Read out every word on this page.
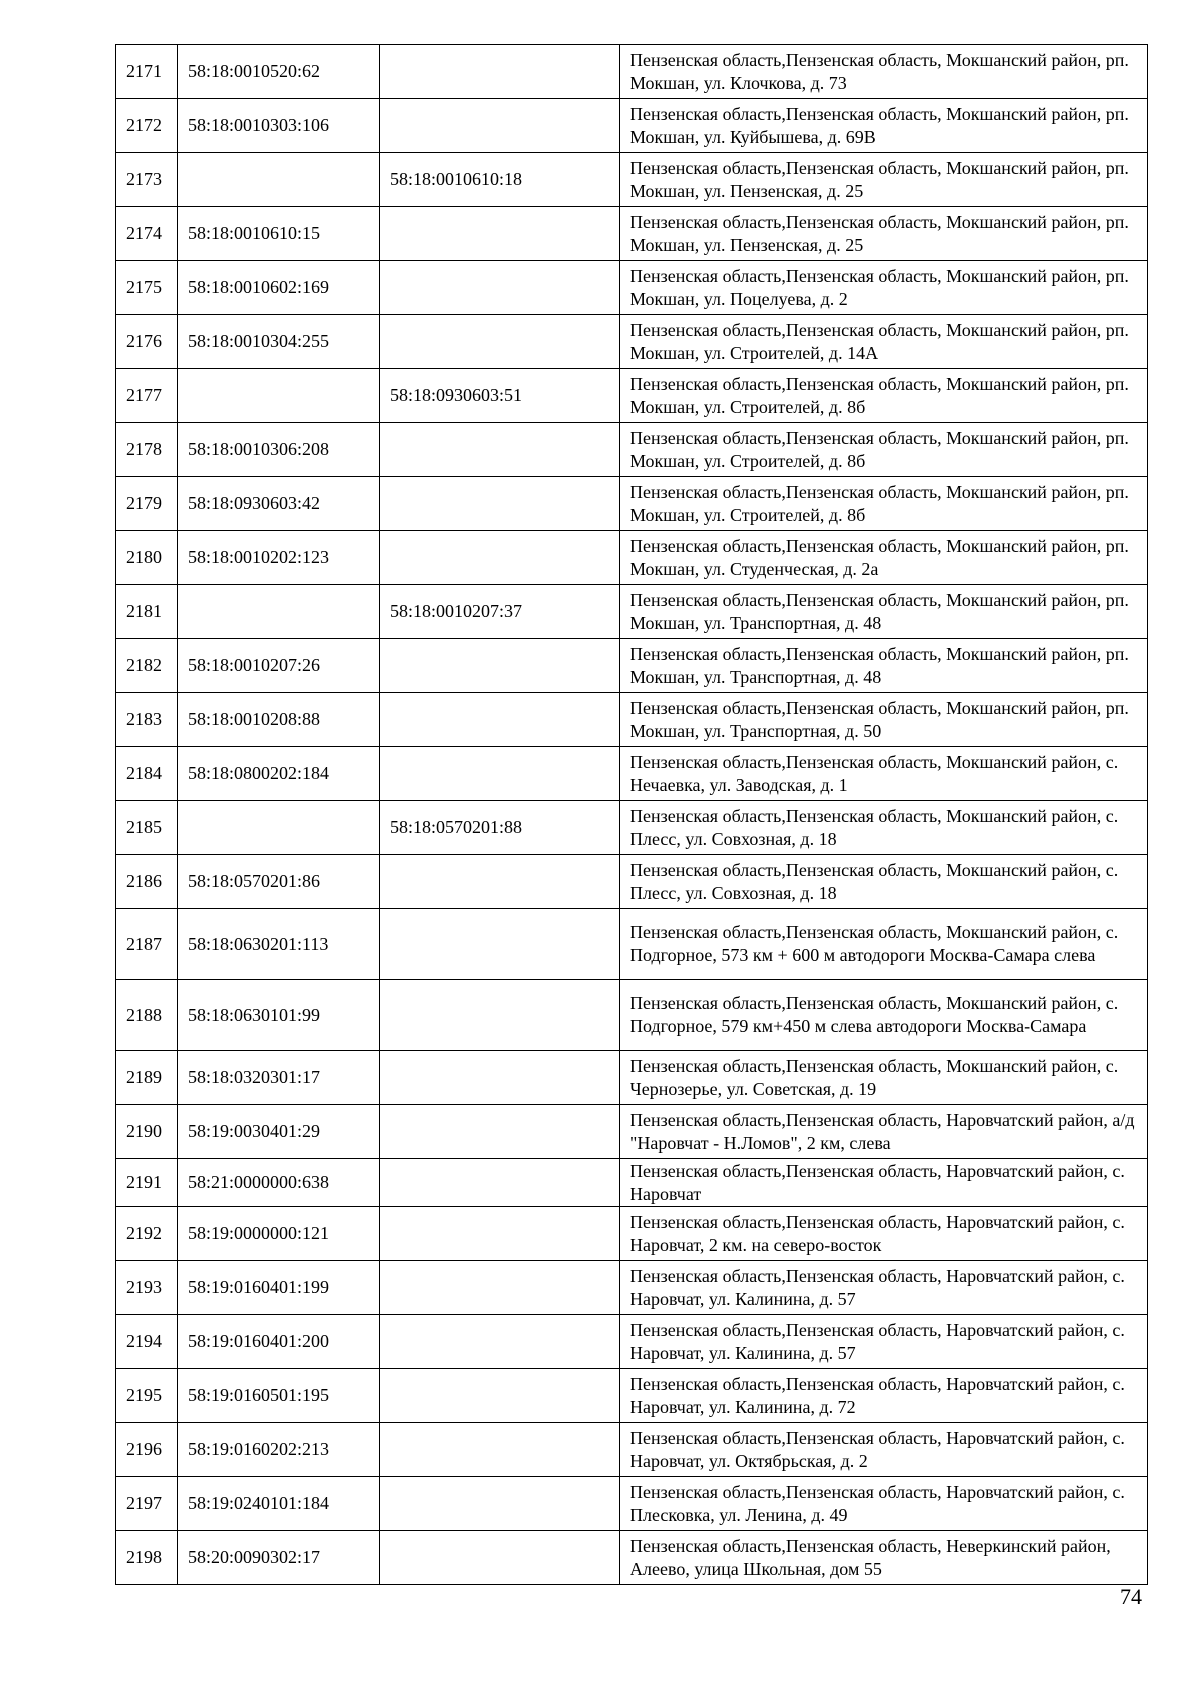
2171	58:18:0010520:62		Пензенская область,Пензенская область, Мокшанский район, рп. Мокшан, ул. Клочкова, д. 73
2172	58:18:0010303:106		Пензенская область,Пензенская область, Мокшанский район, рп. Мокшан, ул. Куйбышева, д. 69В
2173		58:18:0010610:18	Пензенская область,Пензенская область, Мокшанский район, рп. Мокшан, ул. Пензенская, д. 25
2174	58:18:0010610:15		Пензенская область,Пензенская область, Мокшанский район, рп. Мокшан, ул. Пензенская, д. 25
2175	58:18:0010602:169		Пензенская область,Пензенская область, Мокшанский район, рп. Мокшан, ул. Поцелуева, д. 2
2176	58:18:0010304:255		Пензенская область,Пензенская область, Мокшанский район, рп. Мокшан, ул. Строителей, д. 14А
2177		58:18:0930603:51	Пензенская область,Пензенская область, Мокшанский район, рп. Мокшан, ул. Строителей, д. 8б
2178	58:18:0010306:208		Пензенская область,Пензенская область, Мокшанский район, рп. Мокшан, ул. Строителей, д. 8б
2179	58:18:0930603:42		Пензенская область,Пензенская область, Мокшанский район, рп. Мокшан, ул. Строителей, д. 8б
2180	58:18:0010202:123		Пензенская область,Пензенская область, Мокшанский район, рп. Мокшан, ул. Студенческая, д. 2а
2181		58:18:0010207:37	Пензенская область,Пензенская область, Мокшанский район, рп. Мокшан, ул. Транспортная, д. 48
2182	58:18:0010207:26		Пензенская область,Пензенская область, Мокшанский район, рп. Мокшан, ул. Транспортная, д. 48
2183	58:18:0010208:88		Пензенская область,Пензенская область, Мокшанский район, рп. Мокшан, ул. Транспортная, д. 50
2184	58:18:0800202:184		Пензенская область,Пензенская область, Мокшанский район, с. Нечаевка, ул. Заводская, д. 1
2185		58:18:0570201:88	Пензенская область,Пензенская область, Мокшанский район, с. Плесс, ул. Совхозная, д. 18
2186	58:18:0570201:86		Пензенская область,Пензенская область, Мокшанский район, с. Плесс, ул. Совхозная, д. 18
2187	58:18:0630201:113		Пензенская область,Пензенская область, Мокшанский район, с. Подгорное, 573 км + 600 м автодороги Москва-Самара слева
2188	58:18:0630101:99		Пензенская область,Пензенская область, Мокшанский район, с. Подгорное, 579 км+450 м слева автодороги Москва-Самара
2189	58:18:0320301:17		Пензенская область,Пензенская область, Мокшанский район, с. Чернозерье, ул. Советская, д. 19
2190	58:19:0030401:29		Пензенская область,Пензенская область, Наровчатский район, а/д "Наровчат - Н.Ломов", 2 км, слева
2191	58:21:0000000:638		Пензенская область,Пензенская область, Наровчатский район, с. Наровчат
2192	58:19:0000000:121		Пензенская область,Пензенская область, Наровчатский район, с. Наровчат, 2 км. на северо-восток
2193	58:19:0160401:199		Пензенская область,Пензенская область, Наровчатский район, с. Наровчат, ул. Калинина, д. 57
2194	58:19:0160401:200		Пензенская область,Пензенская область, Наровчатский район, с. Наровчат, ул. Калинина, д. 57
2195	58:19:0160501:195		Пензенская область,Пензенская область, Наровчатский район, с. Наровчат, ул. Калинина, д. 72
2196	58:19:0160202:213		Пензенская область,Пензенская область, Наровчатский район, с. Наровчат, ул. Октябрьская, д. 2
2197	58:19:0240101:184		Пензенская область,Пензенская область, Наровчатский район, с. Плесковка, ул. Ленина, д. 49
2198	58:20:0090302:17		Пензенская область,Пензенская область, Неверкинский район, Алеево, улица Школьная, дом 55
74
